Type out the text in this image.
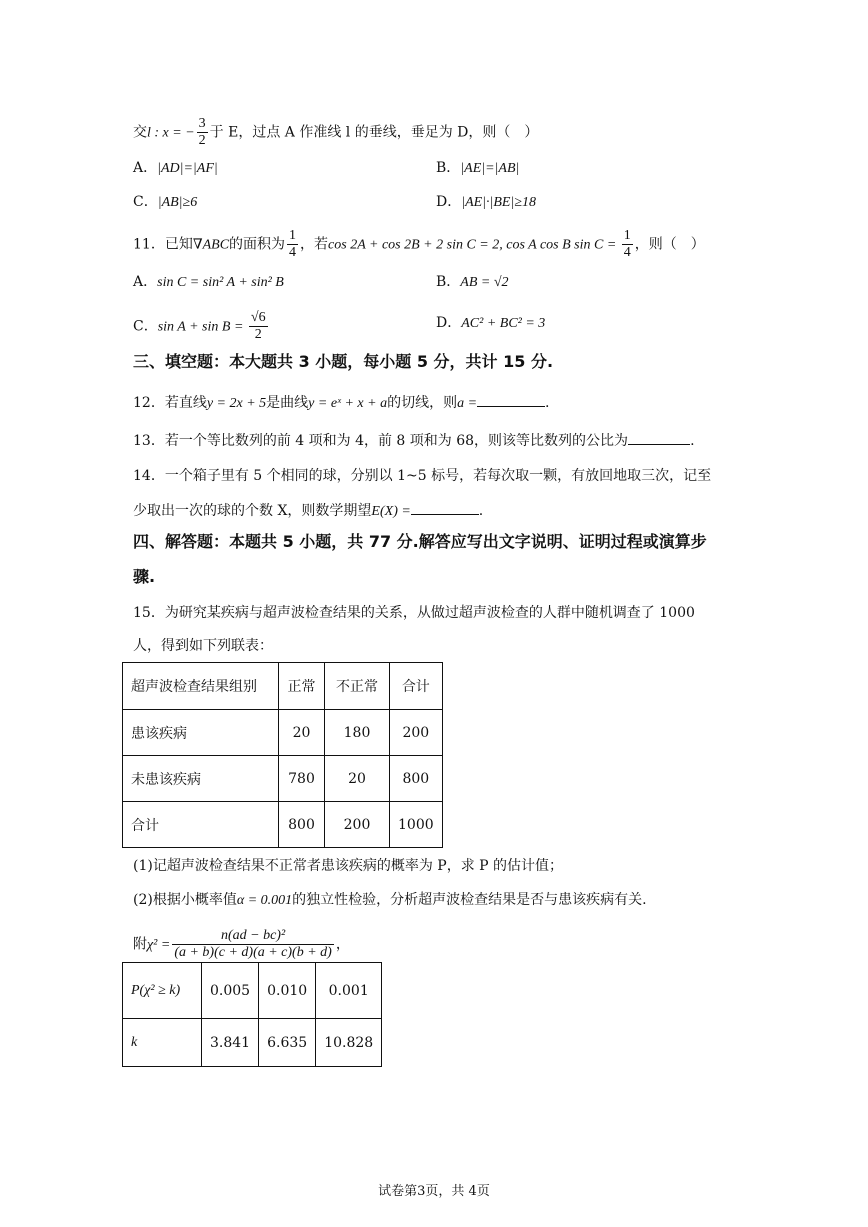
交l : x = − $\frac{3}{2}$ 于 E，过点 A 作准线 l 的垂线，垂足为 D，则（　）
A．|AD|=|AF|	B．|AE|=|AB|
C．|AB|≥6	D．|AE|·|BE|≥18
11．已知∇ABC的面积为 $\frac{1}{4}$ ，若cos 2A + cos 2B + 2 sin C = 2, cos A cos B $\sin C = \frac{1}{4}$ ，则（　）
A．sin C = sin² A + sin² B	B．AB = √2
C．$\sin A + \sin B = \frac{√6}{2}$	D．AC² + BC² = 3
三、填空题：本大题共 3 小题，每小题 5 分，共计 15 分.
12．若直线y = 2x + 5是曲线y = eˣ + x + a的切线，则a =	.
13．若一个等比数列的前 4 项和为 4，前 8 项和为 68，则该等比数列的公比为	.
14．一个箱子里有 5 个相同的球，分别以 1~5 标号，若每次取一颗，有放回地取三次，记至
少取出一次的球的个数 X，则数学期望E(X) =	.
四、解答题：本题共 5 小题，共 77 分.解答应写出文字说明、证明过程或演算步
骤.
15．为研究某疾病与超声波检查结果的关系，从做过超声波检查的人群中随机调查了 1000
人，得到如下列联表：
超声波检查结果组别	正常	不正常	合计
患该疾病	20	180	200
未患该疾病	780	20	800
合计	800	200	1000
(1)记超声波检查结果不正常者患该疾病的概率为 P，求 P 的估计值；
(2)根据小概率值α = 0.001的独立性检验，分析超声波检查结果是否与患该疾病有关.
附$\chi^2 = \frac{\text{n(ad − bc)²}}{(a + b)(c + d)(a + c)(b + d)}$ ，
P(χ² ≥ k)	0.005	0.010	0.001
k	3.841	6.635	10.828
试卷第3页，共 4页
